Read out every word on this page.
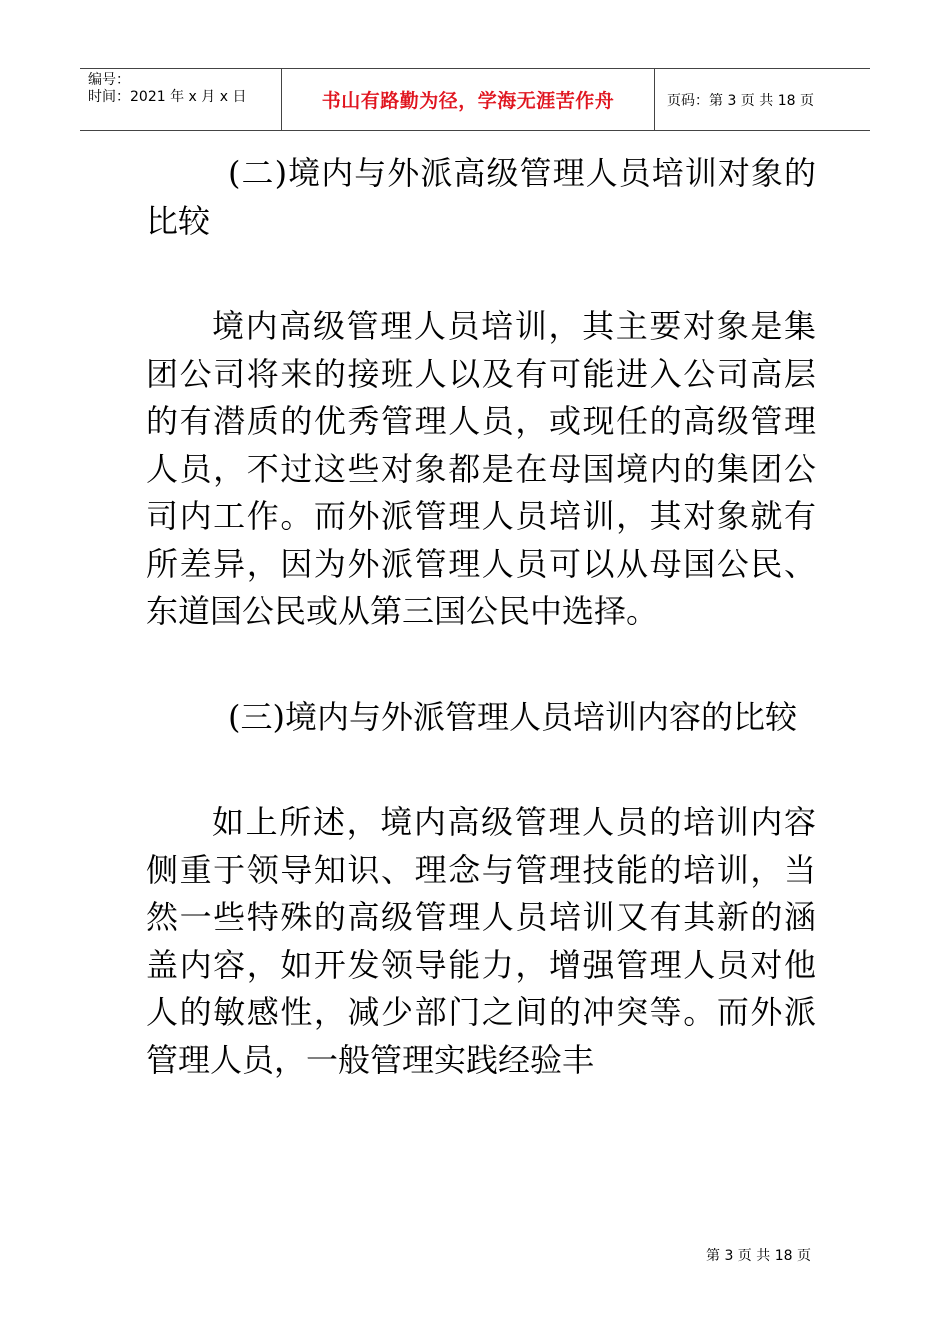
编号：
时间：2021 年 x 月 x 日	书山有路勤为径，学海无涯苦作舟	页码：第 3 页 共 18 页

(二)境内与外派高级管理人员培训对象的比较

境内高级管理人员培训，其主要对象是集团公司将来的接班人以及有可能进入公司高层的有潜质的优秀管理人员，或现任的高级管理人员，不过这些对象都是在母国境内的集团公司内工作。而外派管理人员培训，其对象就有所差异，因为外派管理人员可以从母国公民、东道国公民或从第三国公民中选择。

(三)境内与外派管理人员培训内容的比较

如上所述，境内高级管理人员的培训内容侧重于领导知识、理念与管理技能的培训，当然一些特殊的高级管理人员培训又有其新的涵盖内容，如开发领导能力，增强管理人员对他人的敏感性，减少部门之间的冲突等。而外派管理人员，一般管理实践经验丰

第 3 页 共 18 页
